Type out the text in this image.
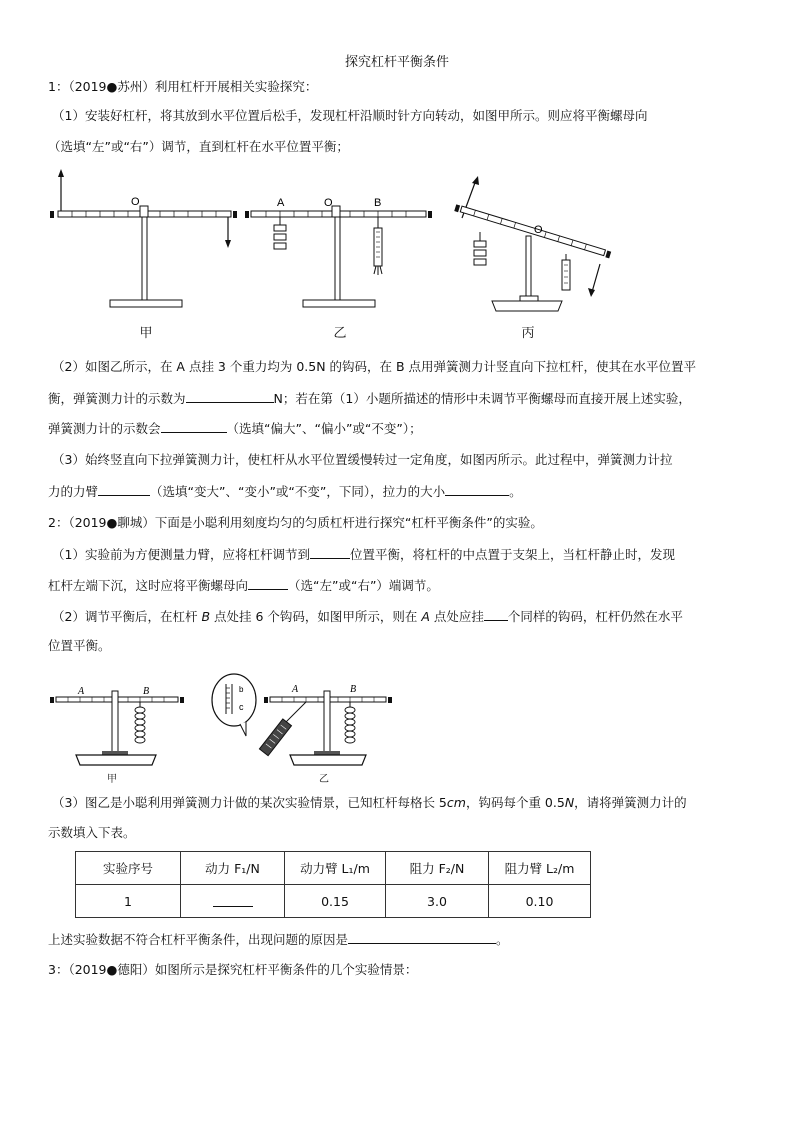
探究杠杆平衡条件
1：（2019●苏州）利用杠杆开展相关实验探究：
（1）安装好杠杆，将其放到水平位置后松手，发现杠杆沿顺时针方向转动，如图甲所示。则应将平衡螺母向
（选填“左”或“右”）调节，直到杠杆在水平位置平衡；
O
甲
A	O	B
乙
O
丙
（2）如图乙所示，在 A 点挂 3 个重力均为 0.5N 的钩码，在 B 点用弹簧测力计竖直向下拉杠杆，使其在水平位置平
衡，弹簧测力计的示数为	N；若在第（1）小题所描述的情形中未调节平衡螺母而直接开展上述实验，
弹簧测力计的示数会	（选填“偏大”、“偏小”或“不变”）；
（3）始终竖直向下拉弹簧测力计，使杠杆从水平位置缓慢转过一定角度，如图丙所示。此过程中，弹簧测力计拉
力的力臂	（选填“变大”、“变小”或“不变”，下同），拉力的大小	。
2：（2019●聊城）下面是小聪利用刻度均匀的匀质杠杆进行探究“杠杆平衡条件”的实验。
（1）实验前为方便测量力臂，应将杠杆调节到	位置平衡，将杠杆的中点置于支架上，当杠杆静止时，发现
杠杆左端下沉，这时应将平衡螺母向	（选“左”或“右”）端调节。
（2）调节平衡后，在杠杆 B 点处挂 6 个钩码，如图甲所示，则在 A 点处应挂 个同样的钩码，杠杆仍然在水平
位置平衡。
A	B
甲
b
c
A	B
乙
（3）图乙是小聪利用弹簧测力计做的某次实验情景，已知杠杆每格长 5cm，钩码每个重 0.5N，请将弹簧测力计的
示数填入下表。
实验序号	动力 F₁/N	动力臂 L₁/m	阻力 F₂/N	阻力臂 L₂/m
1		0.15	3.0	0.10
上述实验数据不符合杠杆平衡条件，出现问题的原因是	。
3：（2019●德阳）如图所示是探究杠杆平衡条件的几个实验情景：
